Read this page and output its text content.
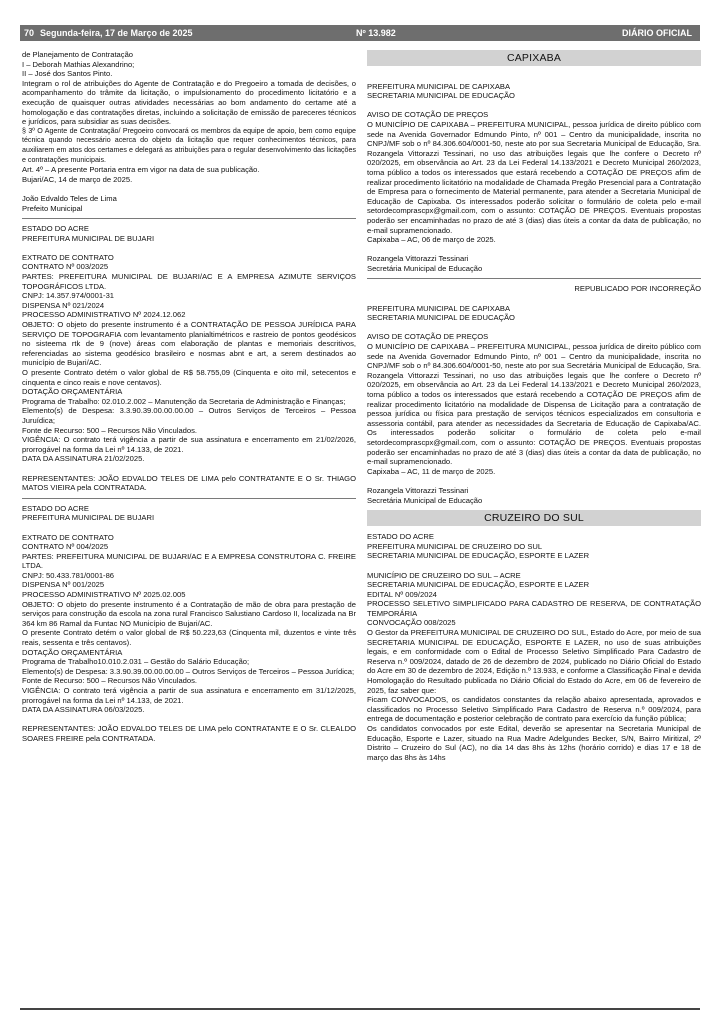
70 Segunda-feira, 17 de Março de 2025	Nº 13.982	DIÁRIO OFICIAL

de Planejamento de Contratação

I – Deborah Mathias Alexandrino;

II – José dos Santos Pinto.

Integram o rol de atribuições do Agente de Contratação e do Pregoeiro a tomada de decisões, o acompanhamento do trâmite da licitação, o impulsionamento do procedimento licitatório e a execução de quaisquer outras atividades necessárias ao bom andamento do certame até a homologação e das contratações diretas, incluindo a solicitação de emissão de pareceres técnicos e jurídicos, para subsidiar as suas decisões.

§ 3º O Agente de Contratação/ Pregoeiro convocará os membros da equipe de apoio, bem como equipe técnica quando necessário acerca do objeto da licitação que requer conhecimentos técnicos, para auxiliarem em atos dos certames e delegará as atribuições para o regular desenvolvimento das licitações e contratações municipais.

Art. 4º – A presente Portaria entra em vigor na data de sua publicação.

Bujari/AC, 14 de março de 2025.

João Edvaldo Teles de Lima

Prefeito Municipal

ESTADO DO ACRE

PREFEITURA MUNICIPAL DE BUJARI

EXTRATO DE CONTRATO

CONTRATO Nº 003/2025

PARTES: PREFEITURA MUNICIPAL DE BUJARI/AC E A EMPRESA AZIMUTE SERVIÇOS TOPOGRÁFICOS LTDA.

CNPJ: 14.357.974/0001-31

DISPENSA Nº 021/2024

PROCESSO ADMINISTRATIVO Nº 2024.12.062

OBJETO: O objeto do presente instrumento é a CONTRATAÇÃO DE PESSOA JURÍDICA PARA SERVIÇO DE TOPOGRAFIA com levantamento planialtimétricos e rastreio de pontos geodésicos no sisteema rtk de 9 (nove) áreas com elaboração de plantas e memoriais descritivos, referenciadas ao sistema geodésico brasileiro e nosmas abnt e art, a serem destinados ao município de Bujari/AC.

O presente Contrato detém o valor global de R$ 58.755,09 (Cinquenta e oito mil, setecentos e cinquenta e cinco reais e nove centavos).

DOTAÇÃO ORÇAMENTÁRIA

Programa de Trabalho: 02.010.2.002 – Manutenção da Secretaria de Administração e Finanças;

Elemento(s) de Despesa: 3.3.90.39.00.00.00.00 – Outros Serviços de Terceiros – Pessoa Juruídica;

Fonte de Recurso: 500 – Recursos Não Vinculados.

VIGÊNCIA: O contrato terá vigência a partir de sua assinatura e encerramento em 21/02/2026, prorrogável na forma da Lei nº 14.133, de 2021.

DATA DA ASSINATURA 21/02/2025.

REPRESENTANTES: JOÃO EDVALDO TELES DE LIMA pelo CONTRATANTE E O Sr. THIAGO MATOS VIEIRA pela CONTRATADA.

ESTADO DO ACRE

PREFEITURA MUNICIPAL DE BUJARI

EXTRATO DE CONTRATO

CONTRATO Nº 004/2025

PARTES: PREFEITURA MUNICIPAL DE BUJARI/AC E A EMPRESA CONSTRUTORA C. FREIRE LTDA.

CNPJ: 50.433.781/0001-86

DISPENSA Nº 001/2025

PROCESSO ADMINISTRATIVO Nº 2025.02.005

OBJETO: O objeto do presente instrumento é a Contratação de mão de obra para prestação de serviços para construção da escola na zona rural Francisco Salustiano Cardoso II, localizada na Br 364 km 86 Ramal da Funtac NO Município de Bujari/AC.

O presente Contrato detém o valor global de R$ 50.223,63 (Cinquenta mil, duzentos e vinte três reais, sessenta e três centavos).

DOTAÇÃO ORÇAMENTÁRIA

Programa de Trabalho10.010.2.031 – Gestão do Salário Educação;

Elemento(s) de Despesa: 3.3.90.39.00.00.00.00 – Outros Serviços de Terceiros – Pessoa Jurídica;

Fonte de Recurso: 500 – Recursos Não Vinculados.

VIGÊNCIA: O contrato terá vigência a partir de sua assinatura e encerramento em 31/12/2025, prorrogável na forma da Lei nº 14.133, de 2021.

DATA DA ASSINATURA 06/03/2025.

REPRESENTANTES: JOÃO EDVALDO TELES DE LIMA pelo CONTRATANTE E O Sr. CLEALDO SOARES FREIRE pela CONTRATADA.

CAPIXABA

PREFEITURA MUNICIPAL DE CAPIXABA

SECRETARIA MUNICIPAL DE EDUCAÇÃO

AVISO DE COTAÇÃO DE PREÇOS

O MUNICÍPIO DE CAPIXABA – PREFEITURA MUNICIPAL, pessoa jurídica de direito público com sede na Avenida Governador Edmundo Pinto, nº 001 – Centro da municipalidade, inscrita no CNPJ/MF sob o nº 84.306.604/0001-50, neste ato por sua Secretaria Municipal de Educação, Sra. Rozangela Vittorazzi Tessinari, no uso das atribuições legais que lhe confere o Decreto nº 020/2025, em observância ao Art. 23 da Lei Federal 14.133/2021 e Decreto Municipal 260/2023, torna público a todos os interessados que estará recebendo a COTAÇÃO DE PREÇOS afim de realizar procedimento licitatório na modalidade de Chamada Pregão Presencial para a Contratação de Empresa para o fornecimento de Material permanente, para atender a Secretaria Municipal de Educação de Capixaba. Os interessados poderão solicitar o formulário de coleta pelo e-mail setordecomprascpx@gmail.com, com o assunto: COTAÇÃO DE PREÇOS. Eventuais propostas poderão ser encaminhadas no prazo de até 3 (dias) dias úteis a contar da data de publicação, no e-mail supramencionado.

Capixaba – AC, 06 de março de 2025.

Rozangela Vittorazzi Tessinari

Secretária Municipal de Educação

REPUBLICADO POR INCORREÇÃO

PREFEITURA MUNICIPAL DE CAPIXABA

SECRETARIA MUNICIPAL DE EDUCAÇÃO

AVISO DE COTAÇÃO DE PREÇOS

O MUNICÍPIO DE CAPIXABA – PREFEITURA MUNICIPAL, pessoa jurídica de direito público com sede na Avenida Governador Edmundo Pinto, nº 001 – Centro da municipalidade, inscrita no CNPJ/MF sob o nº 84.306.604/0001-50, neste ato por sua Secretária Municipal de Educação, Sra. Rozangela Vittorazzi Tessinari, no uso das atribuições legais que lhe confere o Decreto nº 020/2025, em observância ao Art. 23 da Lei Federal 14.133/2021 e Decreto Municipal 260/2023, torna público a todos os interessados que estará recebendo a COTAÇÃO DE PREÇOS afim de realizar procedimento licitatório na modalidade de Dispensa de Licitação para a contratação de pessoa jurídica ou física para prestação de serviços técnicos especializados em consultoria e assessoria contábil, para atender as necessidades da Secretaria de Educação de Capixaba/AC. Os interessados poderão solicitar o formulário de coleta pelo e-mail setordecomprascpx@gmail.com, com o assunto: COTAÇÃO DE PREÇOS. Eventuais propostas poderão ser encaminhadas no prazo de até 3 (dias) dias úteis a contar da data de publicação, no e-mail supramencionado.

Capixaba – AC, 11 de março de 2025.

Rozangela Vittorazzi Tessinari

Secretária Municipal de Educação

CRUZEIRO DO SUL

ESTADO DO ACRE

PREFEITURA MUNICIPAL DE CRUZEIRO DO SUL

SECRETARIA MUNICIPAL DE EDUCAÇÃO, ESPORTE E LAZER

MUNICÍPIO DE CRUZEIRO DO SUL – ACRE

SECRETARIA MUNICIPAL DE EDUCAÇÃO, ESPORTE E LAZER

EDITAL Nº 009/2024

PROCESSO SELETIVO SIMPLIFICADO PARA CADASTRO DE RESERVA, DE CONTRATAÇÃO TEMPORÁRIA

CONVOCAÇÃO 008/2025

O Gestor da PREFEITURA MUNICIPAL DE CRUZEIRO DO SUL, Estado do Acre, por meio de sua SECRETARIA MUNICIPAL DE EDUCAÇÃO, ESPORTE E LAZER, no uso de suas atribuições legais, e em conformidade com o Edital de Processo Seletivo Simplificado Para Cadastro de Reserva n.º 009/2024, datado de 26 de dezembro de 2024, publicado no Diário Oficial do Estado do Acre em 30 de dezembro de 2024, Edição n.º 13.933, e conforme a Classificação Final e devida Homologação do Resultado publicada no Diário Oficial do Estado do Acre, em 06 de fevereiro de 2025, faz saber que:

Ficam CONVOCADOS, os candidatos constantes da relação abaixo apresentada, aprovados e classificados no Processo Seletivo Simplificado Para Cadastro de Reserva n.º 009/2024, para entrega de documentação e posterior celebração de contrato para exercício da função pública;

Os candidatos convocados por este Edital, deverão se apresentar na Secretaria Municipal de Educação, Esporte e Lazer, situado na Rua Madre Adelgundes Becker, S/N, Bairro Miritizal, 2º Distrito – Cruzeiro do Sul (AC), no dia 14 das 8hs às 12hs (horário corrido) e dias 17 e 18 de março das 8hs às 14hs
